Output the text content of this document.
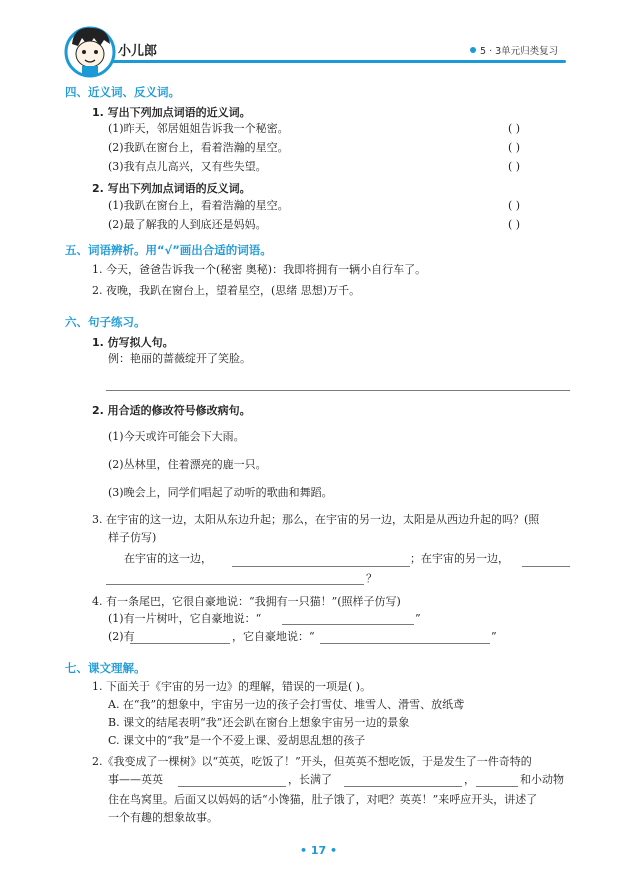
小儿郎	5 · 3单元归类复习
四、近义词、反义词。
1. 写出下列加点词语的近义词。
(1)昨天，邻居姐姐告诉我一个秘密。	( )
(2)我趴在窗台上，看着浩瀚的星空。	( )
(3)我有点儿高兴，又有些失望。	( )
2. 写出下列加点词语的反义词。
(1)我趴在窗台上，看着浩瀚的星空。	( )
(2)最了解我的人到底还是妈妈。	( )
五、词语辨析。用“√”画出合适的词语。
1. 今天，爸爸告诉我一个(秘密 奥秘)：我即将拥有一辆小自行车了。
2. 夜晚，我趴在窗台上，望着星空，(思绪 思想)万千。
六、句子练习。
1. 仿写拟人句。
例：艳丽的蔷薇绽开了笑脸。
2. 用合适的修改符号修改病句。
(1)今天或许可能会下大雨。
(2)丛林里，住着漂亮的鹿一只。
(3)晚会上，同学们唱起了动听的歌曲和舞蹈。
3. 在宇宙的这一边，太阳从东边升起；那么，在宇宙的另一边，太阳是从西边升起的吗？(照
样子仿写)
在宇宙的这一边，	；在宇宙的另一边，
？
4. 有一条尾巴，它很自豪地说：“我拥有一只猫！”(照样子仿写)
(1)有一片树叶，它自豪地说：“	”
(2)有	，它自豪地说：“	”
七、课文理解。
1. 下面关于《宇宙的另一边》的理解，错误的一项是( )。
A. 在“我”的想象中，宇宙另一边的孩子会打雪仗、堆雪人、滑雪、放纸鸢
B. 课文的结尾表明“我”还会趴在窗台上想象宇宙另一边的景象
C. 课文中的“我”是一个不爱上课、爱胡思乱想的孩子
2.《我变成了一棵树》以“英英，吃饭了！”开头，但英英不想吃饭，于是发生了一件奇特的
事——英英	，长满了	，	和小动物
住在鸟窝里。后面又以妈妈的话“小馋猫，肚子饿了，对吧？英英！”来呼应开头，讲述了
一个有趣的想象故事。
• 17 •
